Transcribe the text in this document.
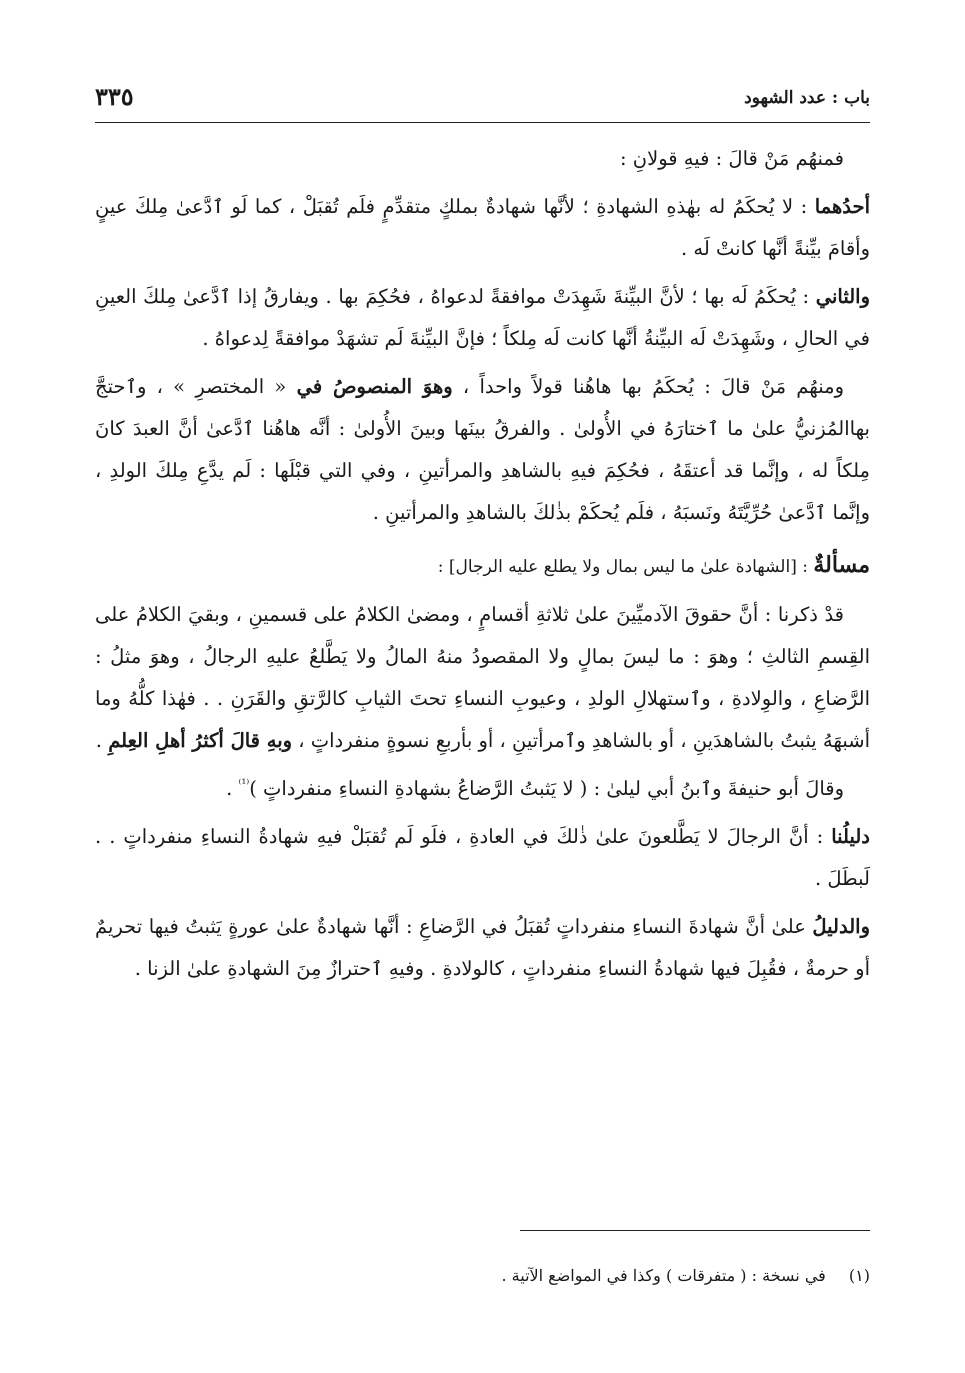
باب : عدد الشهود
٣٣٥

فمنهُم مَنْ قالَ : فيهِ قولانِ :

أحدُهما : لا يُحكَمُ له بهٰذهِ الشهادةِ ؛ لأنَّها شهادةٌ بملكٍ متقدِّمٍ فلَم تُقبَلْ ، كما لَو ٱدَّعىٰ مِلكَ عينٍ وأقامَ بيِّنةً أنَّها كانتْ لَه .

والثاني : يُحكَمُ لَه بها ؛ لأنَّ البيِّنةَ شَهِدَتْ موافقةً لدعواهُ ، فحُكِمَ بها . ويفارقُ إذا ٱدَّعىٰ مِلكَ العينِ في الحالِ ، وشَهِدَتْ لَه البيِّنةُ أنَّها كانت لَه مِلكاً ؛ فإنَّ البيِّنةَ لَم تشهَدْ موافقةً لِدعواهُ .

ومنهُم مَنْ قالَ : يُحكَمُ بها هاهُنا قولاً واحداً ، وهوَ المنصوصُ في « المختصرِ » ، وٱحتجَّ بهاالمُزنيُّ علىٰ ما ٱختارَهُ في الأُولىٰ . والفرقُ بينَها وبينَ الأُولىٰ : أنَّه هاهُنا ٱدَّعىٰ أنَّ العبدَ كانَ مِلكاً له ، وإنَّما قد أعتقَهُ ، فحُكِمَ فيهِ بالشاهدِ والمرأتينِ ، وفي التي قبْلَها : لَم يدَّعِ مِلكَ الولدِ ، وإنَّما ٱدَّعىٰ حُرِّيَّتَهُ ونَسبَهُ ، فلَم يُحكَمْ بذٰلكَ بالشاهدِ والمرأتينِ .

مسألةٌ : [الشهادة علىٰ ما ليس بمال ولا يطلع عليه الرجال] :

قدْ ذكرنا : أنَّ حقوقَ الآدميِّينَ علىٰ ثلاثةِ أقسامٍ ، ومضىٰ الكلامُ على قسمينِ ، وبقيَ الكلامُ على القِسمِ الثالثِ ؛ وهوَ : ما ليسَ بمالٍ ولا المقصودُ منهُ المالُ ولا يَطَّلعُ عليهِ الرجالُ ، وهوَ مثلُ : الرَّضاعِ ، والوِلادةِ ، وٱستهلالِ الولدِ ، وعيوبِ النساءِ تحتَ الثيابِ كالرَّتقِ والقَرَنِ . . فهٰذا كلُّهُ وما أشبهَهُ يثبتُ بالشاهدَينِ ، أو بالشاهدِ وٱمرأتينِ ، أو بأربعِ نسوةٍ منفرداتٍ ، وبهِ قالَ أكثرُ أهلِ العِلمِ .

وقالَ أبو حنيفةَ وٱبنُ أبي ليلىٰ : ( لا يَثبتُ الرَّضاعُ بشهادةِ النساءِ منفرداتٍ )$^{^{(1)}}$ .

دليلُنا : أنَّ الرجالَ لا يَطَّلعونَ علىٰ ذٰلكَ في العادةِ ، فلَو لَم تُقبَلْ فيهِ شهادةُ النساءِ منفرداتٍ . . لَبطَلَ .

والدليلُ علىٰ أنَّ شهادةَ النساءِ منفرداتٍ تُقبَلُ في الرَّضاعِ : أنَّها شهادةٌ علىٰ عورةٍ يَثبتُ فيها تحريمٌ أو حرمةٌ ، فقُبِلَ فيها شهادةُ النساءِ منفرداتٍ ، كالولادةِ . وفيهِ ٱحترازٌ مِنَ الشهادةِ علىٰ الزنا .

(١) في نسخة : ( متفرقات ) وكذا في المواضع الآتية .
